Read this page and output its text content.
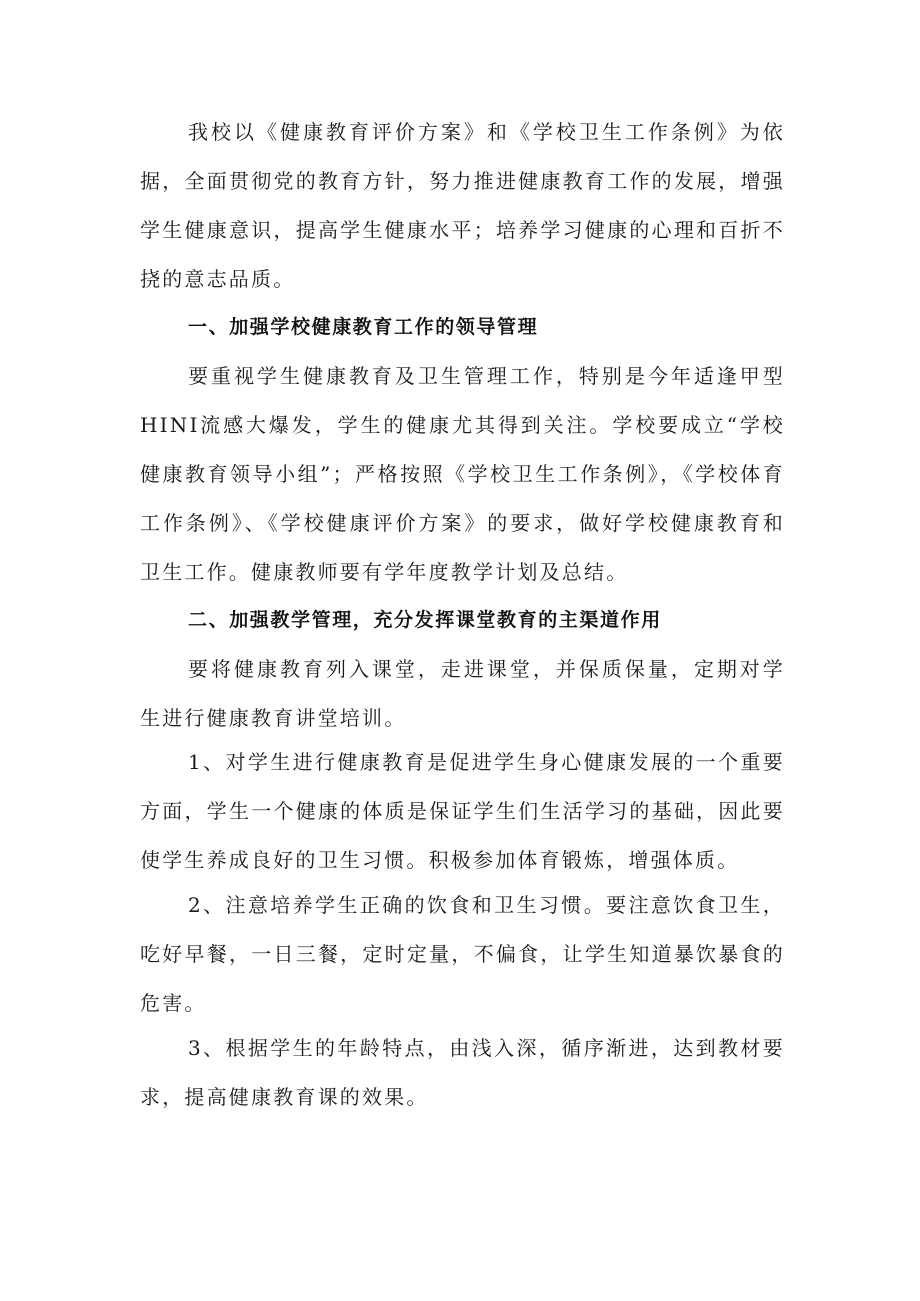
我校以《健康教育评价方案》和《学校卫生工作条例》为依据，全面贯彻党的教育方针，努力推进健康教育工作的发展，增强学生健康意识，提高学生健康水平；培养学习健康的心理和百折不挠的意志品质。

一、加强学校健康教育工作的领导管理

要重视学生健康教育及卫生管理工作，特别是今年适逢甲型HINI流感大爆发，学生的健康尤其得到关注。学校要成立“学校健康教育领导小组”；严格按照《学校卫生工作条例》，《学校体育工作条例》、《学校健康评价方案》的要求，做好学校健康教育和卫生工作。健康教师要有学年度教学计划及总结。

二、加强教学管理，充分发挥课堂教育的主渠道作用

要将健康教育列入课堂，走进课堂，并保质保量，定期对学生进行健康教育讲堂培训。

1、对学生进行健康教育是促进学生身心健康发展的一个重要方面，学生一个健康的体质是保证学生们生活学习的基础，因此要使学生养成良好的卫生习惯。积极参加体育锻炼，增强体质。

2、注意培养学生正确的饮食和卫生习惯。要注意饮食卫生，吃好早餐，一日三餐，定时定量，不偏食，让学生知道暴饮暴食的危害。

3、根据学生的年龄特点，由浅入深，循序渐进，达到教材要求，提高健康教育课的效果。
